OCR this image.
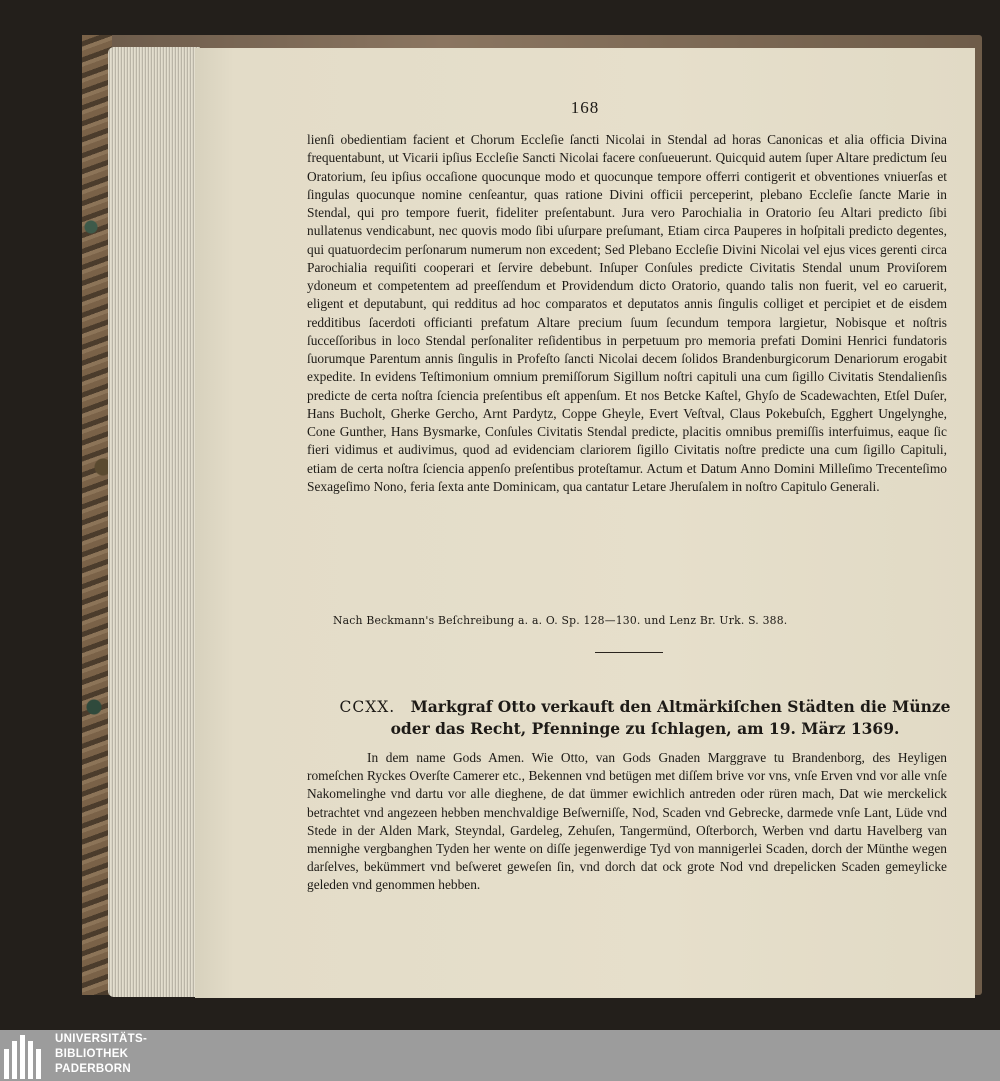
168

lienſi obedientiam facient et Chorum Eccleſie ſancti Nicolai in Stendal ad horas Canonicas et alia officia Divina frequentabunt, ut Vicarii ipſius Eccleſie Sancti Nicolai facere conſueuerunt. Quicquid autem ſuper Altare predictum ſeu Oratorium, ſeu ipſius occaſione quocunque modo et quocunque tempore offerri contigerit et obventiones vniuerſas et ſingulas quocunque nomine cenſeantur, quas ratione Divini officii perceperint, plebano Eccleſie ſancte Marie in Stendal, qui pro tempore fuerit, fideliter preſentabunt. Jura vero Parochialia in Oratorio ſeu Altari predicto ſibi nullatenus vendicabunt, nec quovis modo ſibi uſurpare preſumant, Etiam circa Pauperes in hoſpitali predicto degentes, qui quatuordecim perſonarum numerum non excedent; Sed Plebano Eccleſie Divini Nicolai vel ejus vices gerenti circa Parochialia requiſiti cooperari et ſervire debebunt. Inſuper Conſules predicte Civitatis Stendal unum Proviſorem ydoneum et competentem ad preeſſendum et Providendum dicto Oratorio, quando talis non fuerit, vel eo caruerit, eligent et deputabunt, qui redditus ad hoc comparatos et deputatos annis ſingulis colliget et percipiet et de eisdem redditibus ſacerdoti officianti prefatum Altare precium ſuum ſecundum tempora largietur, Nobisque et noſtris ſucceſſoribus in loco Stendal perſonaliter reſidentibus in perpetuum pro memoria prefati Domini Henrici fundatoris ſuorumque Parentum annis ſingulis in Profeſto ſancti Nicolai decem ſolidos Brandenburgicorum Denariorum erogabit expedite. In evidens Teſtimonium omnium premiſſorum Sigillum noſtri capituli una cum ſigillo Civitatis Stendalienſis predicte de certa noſtra ſciencia preſentibus eſt appenſum. Et nos Betcke Kaſtel, Ghyſo de Scadewachten, Etſel Duſer, Hans Bucholt, Gherke Gercho, Arnt Pardytz, Coppe Gheyle, Evert Veſtval, Claus Pokebuſch, Egghert Ungelynghe, Cone Gunther, Hans Bysmarke, Conſules Civitatis Stendal predicte, placitis omnibus premiſſis interfuimus, eaque ſic fieri vidimus et audivimus, quod ad evidenciam clariorem ſigillo Civitatis noſtre predicte una cum ſigillo Capituli, etiam de certa noſtra ſciencia appenſo preſentibus proteſtamur. Actum et Datum Anno Domini Milleſimo Trecenteſimo Sexageſimo Nono, feria ſexta ante Dominicam, qua cantatur Letare Jheruſalem in noſtro Capitulo Generali.

Nach Beckmann's Beſchreibung a. a. O. Sp. 128—130. und Lenz Br. Urk. S. 388.
CCXX. Markgraf Otto verkauft den Altmärkiſchen Städten die Münze oder das Recht, Pfenninge zu ſchlagen, am 19. März 1369.

In dem name Gods Amen. Wie Otto, van Gods Gnaden Marggrave tu Brandenborg, des Heyligen romeſchen Ryckes Overſte Camerer etc., Bekennen vnd betügen met diſſem brive vor vns, vnſe Erven vnd vor alle vnſe Nakomelinghe vnd dartu vor alle dieghene, de dat ümmer ewichlich antreden oder rüren mach, Dat wie merckelick betrachtet vnd angezeen hebben menchvaldige Beſwerniſſe, Nod, Scaden vnd Gebrecke, darmede vnſe Lant, Lüde vnd Stede in der Alden Mark, Steyndal, Gardeleg, Zehuſen, Tangermünd, Oſterborch, Werben vnd dartu Havelberg van mennighe vergbanghen Tyden her wente on diſſe jegenwerdige Tyd von mannigerlei Scaden, dorch der Münthe wegen darſelves, bekümmert vnd beſweret geweſen ſin, vnd dorch dat ock grote Nod vnd drepelicken Scaden gemeylicke geleden vnd genommen hebben.

UNIVERSITÄTS-
BIBLIOTHEK
PADERBORN
